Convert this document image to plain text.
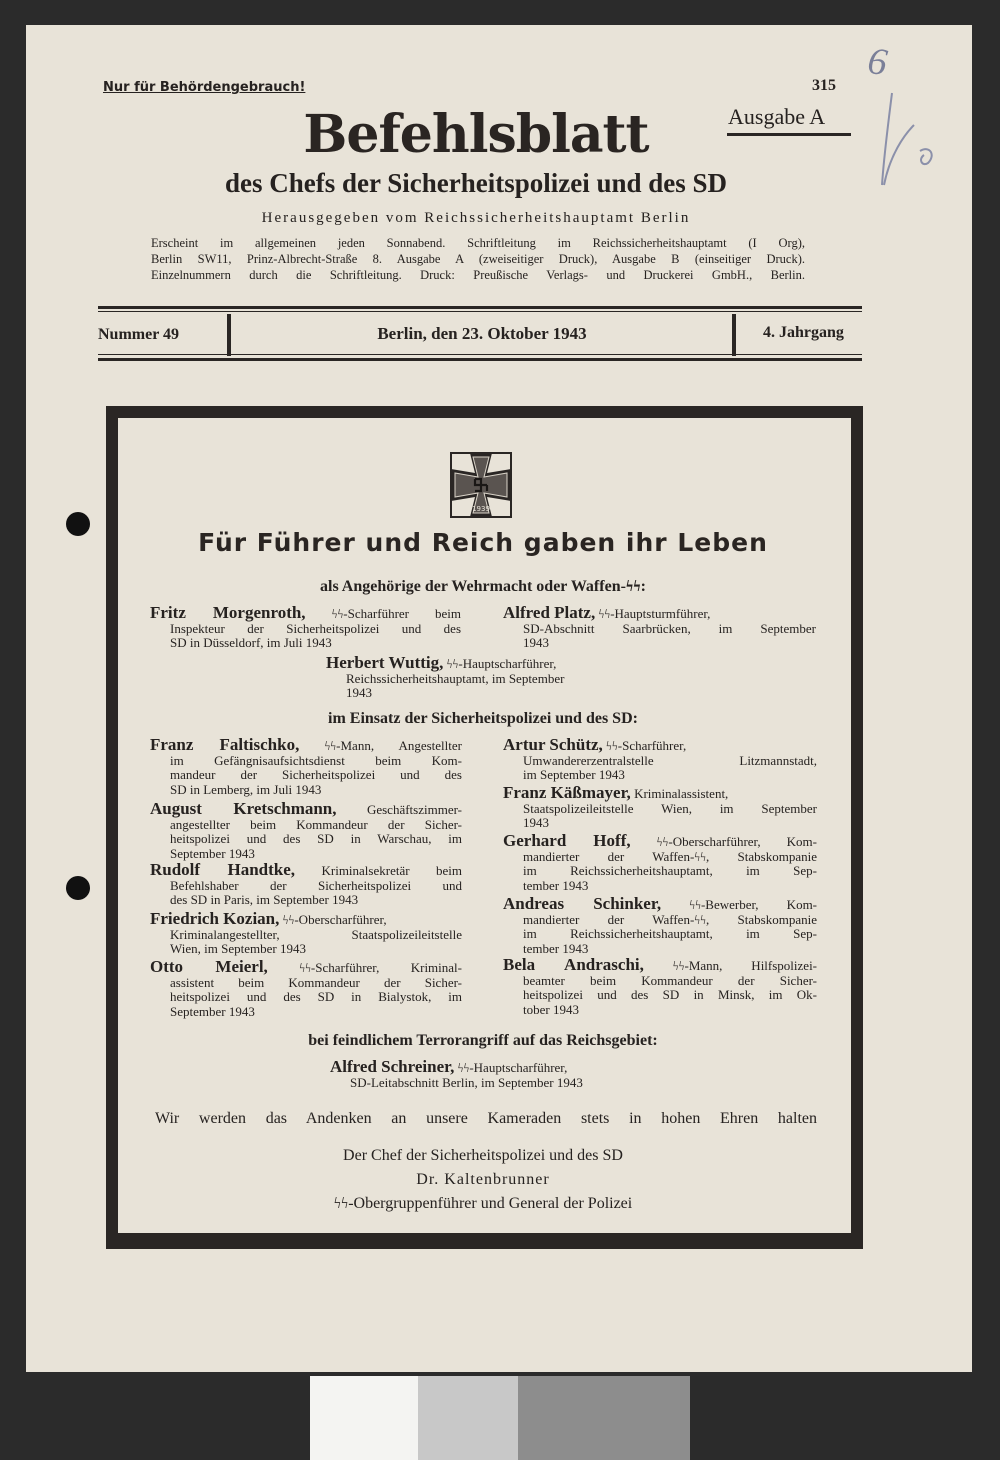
Nur für Behördengebrauch!	315
Ausgabe A
6
Befehlsblatt
des Chefs der Sicherheitspolizei und des SD
Herausgegeben vom Reichssicherheitshauptamt Berlin
Erscheint im allgemeinen jeden Sonnabend. Schriftleitung im Reichssicherheitshauptamt (I Org),
Berlin SW11, Prinz-Albrecht-Straße 8. Ausgabe A (zweiseitiger Druck), Ausgabe B (einseitiger Druck).
Einzelnummern durch die Schriftleitung. Druck: Preußische Verlags- und Druckerei GmbH., Berlin.
Nummer 49	Berlin, den 23. Oktober 1943	4. Jahrgang
1939
Für Führer und Reich gaben ihr Leben
als Angehörige der Wehrmacht oder Waffen-ϟϟ:
Fritz Morgenroth, ϟϟ-Scharführer beim
Inspekteur der Sicherheitspolizei und des
SD in Düsseldorf, im Juli 1943
Alfred Platz, ϟϟ-Hauptsturmführer,
SD-Abschnitt Saarbrücken, im September
1943
Herbert Wuttig, ϟϟ-Hauptscharführer,
Reichssicherheitshauptamt, im September
1943
im Einsatz der Sicherheitspolizei und des SD:
Franz Faltischko, ϟϟ-Mann, Angestellter
im Gefängnisaufsichtsdienst beim Kom-
mandeur der Sicherheitspolizei und des
SD in Lemberg, im Juli 1943
August Kretschmann, Geschäftszimmer-
angestellter beim Kommandeur der Sicher-
heitspolizei und des SD in Warschau, im
September 1943
Rudolf Handtke, Kriminalsekretär beim
Befehlshaber der Sicherheitspolizei und
des SD in Paris, im September 1943
Friedrich Kozian, ϟϟ-Oberscharführer,
Kriminalangestellter, Staatspolizeileitstelle
Wien, im September 1943
Otto Meierl, ϟϟ-Scharführer, Kriminal-
assistent beim Kommandeur der Sicher-
heitspolizei und des SD in Bialystok, im
September 1943
Artur Schütz, ϟϟ-Scharführer,
Umwandererzentralstelle Litzmannstadt,
im September 1943
Franz Käßmayer, Kriminalassistent,
Staatspolizeileitstelle Wien, im September
1943
Gerhard Hoff, ϟϟ-Oberscharführer, Kom-
mandierter der Waffen-ϟϟ, Stabskompanie
im Reichssicherheitshauptamt, im Sep-
tember 1943
Andreas Schinker, ϟϟ-Bewerber, Kom-
mandierter der Waffen-ϟϟ, Stabskompanie
im Reichssicherheitshauptamt, im Sep-
tember 1943
Bela Andraschi, ϟϟ-Mann, Hilfspolizei-
beamter beim Kommandeur der Sicher-
heitspolizei und des SD in Minsk, im Ok-
tober 1943
bei feindlichem Terrorangriff auf das Reichsgebiet:
Alfred Schreiner, ϟϟ-Hauptscharführer,
SD-Leitabschnitt Berlin, im September 1943
Wir werden das Andenken an unsere Kameraden stets in hohen Ehren halten
Der Chef der Sicherheitspolizei und des SD
Dr. Kaltenbrunner
ϟϟ-Obergruppenführer und General der Polizei
